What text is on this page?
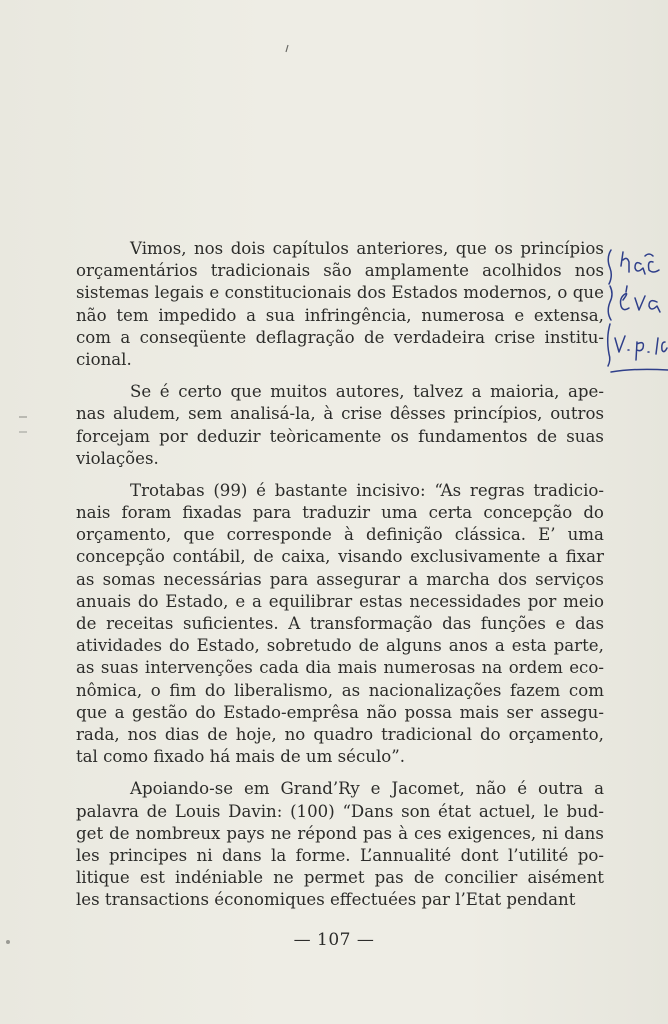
Vimos, nos dois capítulos anteriores, que os princípios
orçamentários tradicionais são amplamente acolhidos nos
sistemas legais e constitucionais dos Estados modernos, o que
não tem impedido a sua infringência, numerosa e extensa,
com a conseqüente deflagração de verdadeira crise institu-
cional.
Se é certo que muitos autores, talvez a maioria, ape-
nas aludem, sem analisá-la, à crise dêsses princípios, outros
forcejam por deduzir teòricamente os fundamentos de suas
violações.
Trotabas (99) é bastante incisivo: “As regras tradicio-
nais foram fixadas para traduzir uma certa concepção do
orçamento, que corresponde à definição clássica. E’ uma
concepção contábil, de caixa, visando exclusivamente a fixar
as somas necessárias para assegurar a marcha dos serviços
anuais do Estado, e a equilibrar estas necessidades por meio
de receitas suficientes. A transformação das funções e das
atividades do Estado, sobretudo de alguns anos a esta parte,
as suas intervenções cada dia mais numerosas na ordem eco-
nômica, o fim do liberalismo, as nacionalizações fazem com
que a gestão do Estado-emprêsa não possa mais ser assegu-
rada, nos dias de hoje, no quadro tradicional do orçamento,
tal como fixado há mais de um século”.
Apoiando-se em Grand’Ry e Jacomet, não é outra a
palavra de Louis Davin: (100) “Dans son état actuel, le bud-
get de nombreux pays ne répond pas à ces exigences, ni dans
les principes ni dans la forme. L’annualité dont l’utilité po-
litique est indéniable ne permet pas de concilier aisément
les transactions économiques effectuées par l’Etat pendant
— 107 —
